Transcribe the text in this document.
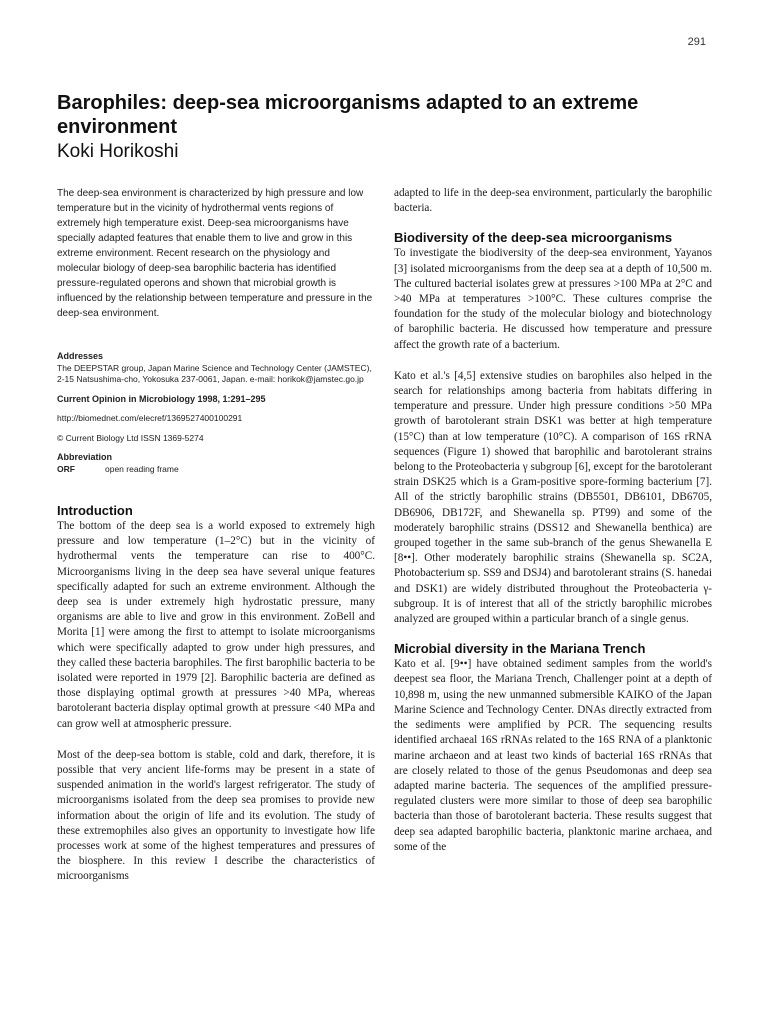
291
Barophiles: deep-sea microorganisms adapted to an extreme environment
Koki Horikoshi

The deep-sea environment is characterized by high pressure and low temperature but in the vicinity of hydrothermal vents regions of extremely high temperature exist. Deep-sea microorganisms have specially adapted features that enable them to live and grow in this extreme environment. Recent research on the physiology and molecular biology of deep-sea barophilic bacteria has identified pressure-regulated operons and shown that microbial growth is influenced by the relationship between temperature and pressure in the deep-sea environment.

Addresses
The DEEPSTAR group, Japan Marine Science and Technology Center (JAMSTEC), 2-15 Natsushima-cho, Yokosuka 237-0061, Japan. e-mail: horikok@jamstec.go.jp
Current Opinion in Microbiology 1998, 1:291–295
http://biomednet.com/elecref/1369527400100291
© Current Biology Ltd ISSN 1369-5274
Abbreviation
ORF	open reading frame
Introduction

The bottom of the deep sea is a world exposed to extremely high pressure and low temperature (1–2°C) but in the vicinity of hydrothermal vents the temperature can rise to 400°C. Microorganisms living in the deep sea have several unique features specifically adapted for such an extreme environment. Although the deep sea is under extremely high hydrostatic pressure, many organisms are able to live and grow in this environment. ZoBell and Morita [1] were among the first to attempt to isolate microorganisms which were specifically adapted to grow under high pressures, and they called these bacteria barophiles. The first barophilic bacteria to be isolated were reported in 1979 [2]. Barophilic bacteria are defined as those displaying optimal growth at pressures >40 MPa, whereas barotolerant bacteria display optimal growth at pressure <40 MPa and can grow well at atmospheric pressure.

Most of the deep-sea bottom is stable, cold and dark, therefore, it is possible that very ancient life-forms may be present in a state of suspended animation in the world's largest refrigerator. The study of microorganisms isolated from the deep sea promises to provide new information about the origin of life and its evolution. The study of these extremophiles also gives an opportunity to investigate how life processes work at some of the highest temperatures and pressures of the biosphere. In this review I describe the characteristics of microorganisms

adapted to life in the deep-sea environment, particularly the barophilic bacteria.

Biodiversity of the deep-sea microorganisms

To investigate the biodiversity of the deep-sea environment, Yayanos [3] isolated microorganisms from the deep sea at a depth of 10,500 m. The cultured bacterial isolates grew at pressures >100 MPa at 2°C and >40 MPa at temperatures >100°C. These cultures comprise the foundation for the study of the molecular biology and biotechnology of barophilic bacteria. He discussed how temperature and pressure affect the growth rate of a bacterium.

Kato et al.'s [4,5] extensive studies on barophiles also helped in the search for relationships among bacteria from habitats differing in temperature and pressure. Under high pressure conditions >50 MPa growth of barotolerant strain DSK1 was better at high temperature (15°C) than at low temperature (10°C). A comparison of 16S rRNA sequences (Figure 1) showed that barophilic and barotolerant strains belong to the Proteobacteria γ subgroup [6], except for the barotolerant strain DSK25 which is a Gram-positive spore-forming bacterium [7]. All of the strictly barophilic strains (DB5501, DB6101, DB6705, DB6906, DB172F, and Shewanella sp. PT99) and some of the moderately barophilic strains (DSS12 and Shewanella benthica) are grouped together in the same sub-branch of the genus Shewanella E [8••]. Other moderately barophilic strains (Shewanella sp. SC2A, Photobacterium sp. SS9 and DSJ4) and barotolerant strains (S. hanedai and DSK1) are widely distributed throughout the Proteobacteria γ-subgroup. It is of interest that all of the strictly barophilic microbes analyzed are grouped within a particular branch of a single genus.

Microbial diversity in the Mariana Trench

Kato et al. [9••] have obtained sediment samples from the world's deepest sea floor, the Mariana Trench, Challenger point at a depth of 10,898 m, using the new unmanned submersible KAIKO of the Japan Marine Science and Technology Center. DNAs directly extracted from the sediments were amplified by PCR. The sequencing results identified archaeal 16S rRNAs related to the 16S RNA of a planktonic marine archaeon and at least two kinds of bacterial 16S rRNAs that are closely related to those of the genus Pseudomonas and deep sea adapted marine bacteria. The sequences of the amplified pressure-regulated clusters were more similar to those of deep sea barophilic bacteria than those of barotolerant bacteria. These results suggest that deep sea adapted barophilic bacteria, planktonic marine archaea, and some of the
